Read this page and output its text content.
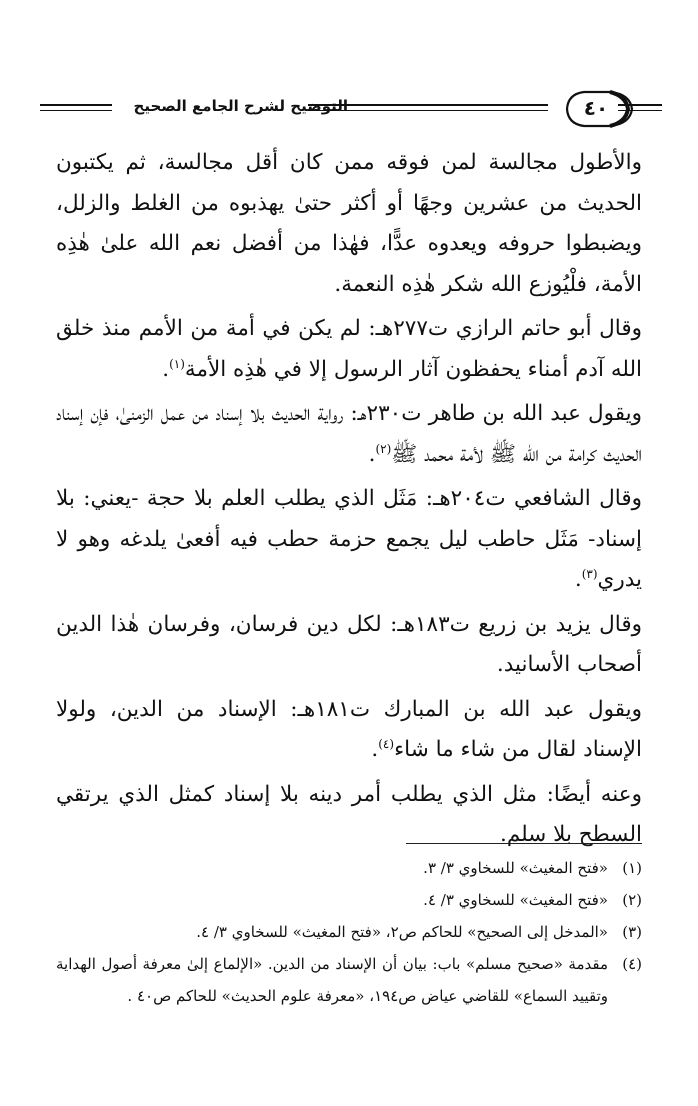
التوضيح لشرح الجامع الصحيح	٤٠

والأطول مجالسة لمن فوقه ممن كان أقل مجالسة، ثم يكتبون الحديث من عشرين وجهًا أو أكثر حتىٰ يهذبوه من الغلط والزلل، ويضبطوا حروفه ويعدوه عدًّا، فهٰذا من أفضل نعم الله علىٰ هٰذِه الأمة، فلْيُوزع الله شكر هٰذِه النعمة.

وقال أبو حاتم الرازي ت٢٧٧هـ: لم يكن في أمة من الأمم منذ خلق الله آدم أمناء يحفظون آثار الرسول إلا في هٰذِه الأمة$^{(١)}$.

ويقول عبد الله بن طاهر ت٢٣٠هـ: رواية الحديث بلا إسناد من عمل الزمنىٰ، فإن إسناد الحديث كرامة من الله ﷺ لأمة محمد ﷺ$^{(٢)}$.

وقال الشافعي ت٢٠٤هـ: مَثَل الذي يطلب العلم بلا حجة -يعني: بلا إسناد- مَثَل حاطب ليل يجمع حزمة حطب فيه أفعىٰ يلدغه وهو لا يدري$^{(٣)}$.

وقال يزيد بن زريع ت١٨٣هـ: لكل دين فرسان، وفرسان هٰذا الدين أصحاب الأسانيد.

ويقول عبد الله بن المبارك ت١٨١هـ: الإسناد من الدين، ولولا الإسناد لقال من شاء ما شاء$^{(٤)}$.

وعنه أيضًا: مثل الذي يطلب أمر دينه بلا إسناد كمثل الذي يرتقي السطح بلا سلم.

(١)
«فتح المغيث» للسخاوي ٣/ ٣.
(٢)
«فتح المغيث» للسخاوي ٣/ ٤.
(٣)
«المدخل إلى الصحيح» للحاكم ص٢، «فتح المغيث» للسخاوي ٣/ ٤.
(٤)
مقدمة «صحيح مسلم» باب: بيان أن الإسناد من الدين. «الإلماع إلىٰ معرفة أصول الهداية وتقييد السماع» للقاضي عياض ص١٩٤، «معرفة علوم الحديث» للحاكم ص٤٠ .
